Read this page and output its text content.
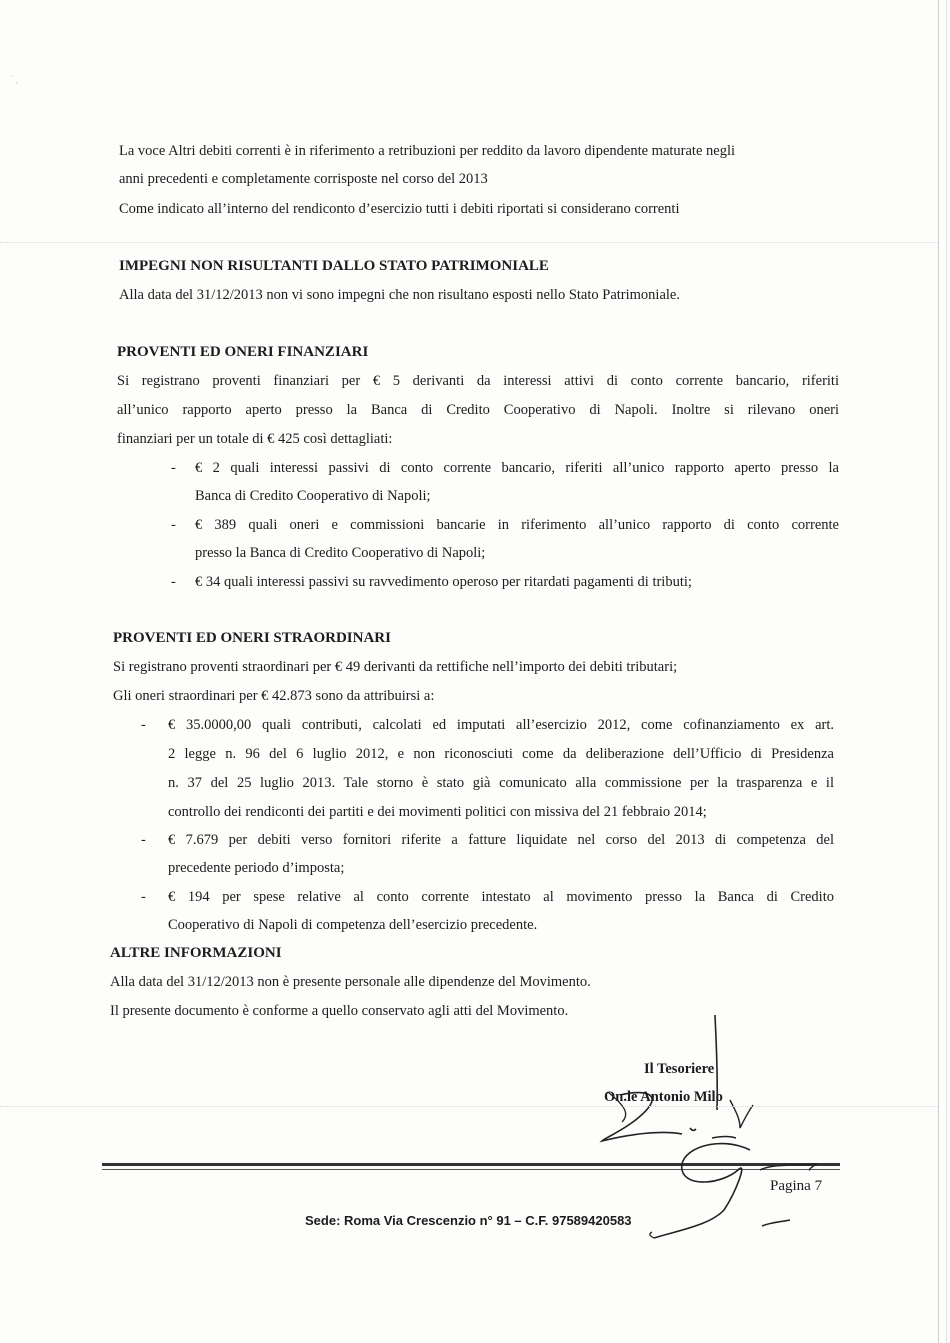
˙ ˎ
La voce Altri debiti correnti è in riferimento a retribuzioni per reddito da lavoro dipendente maturate negli
anni precedenti e completamente corrisposte nel corso del 2013
Come indicato all’interno del rendiconto d’esercizio tutti i debiti riportati si considerano correnti
IMPEGNI NON RISULTANTI DALLO STATO PATRIMONIALE
Alla data del 31/12/2013 non vi sono impegni che non risultano esposti nello Stato Patrimoniale.
PROVENTI ED ONERI FINANZIARI
Si registrano proventi finanziari per € 5 derivanti da interessi attivi di conto corrente bancario, riferiti
all’unico rapporto aperto presso la Banca di Credito Cooperativo di Napoli. Inoltre si rilevano oneri
finanziari per un totale di € 425 così dettagliati:
- € 2 quali interessi passivi di conto corrente bancario, riferiti all’unico rapporto aperto presso la
Banca di Credito Cooperativo di Napoli;
- € 389 quali oneri e commissioni bancarie in riferimento all’unico rapporto di conto corrente
presso la Banca di Credito Cooperativo di Napoli;
- € 34 quali interessi passivi su ravvedimento operoso per ritardati pagamenti di tributi;
PROVENTI ED ONERI STRAORDINARI
Si registrano proventi straordinari per € 49 derivanti da rettifiche nell’importo dei debiti tributari;
Gli oneri straordinari per € 42.873 sono da attribuirsi a:
- € 35.0000,00 quali contributi, calcolati ed imputati all’esercizio 2012, come cofinanziamento ex art.
2 legge n. 96 del 6 luglio 2012, e non riconosciuti come da deliberazione dell’Ufficio di Presidenza
n. 37 del 25 luglio 2013. Tale storno è stato già comunicato alla commissione per la trasparenza e il
controllo dei rendiconti dei partiti e dei movimenti politici con missiva del 21 febbraio 2014;
- € 7.679 per debiti verso fornitori riferite a fatture liquidate nel corso del 2013 di competenza del
precedente periodo d’imposta;
- € 194 per spese relative al conto corrente intestato al movimento presso la Banca di Credito
Cooperativo di Napoli di competenza dell’esercizio precedente.
ALTRE INFORMAZIONI
Alla data del 31/12/2013 non è presente personale alle dipendenze del Movimento.
Il presente documento è conforme a quello conservato agli atti del Movimento.
Il Tesoriere
On.le Antonio Milo
Pagina 7
Sede: Roma Via Crescenzio n° 91 – C.F. 97589420583
